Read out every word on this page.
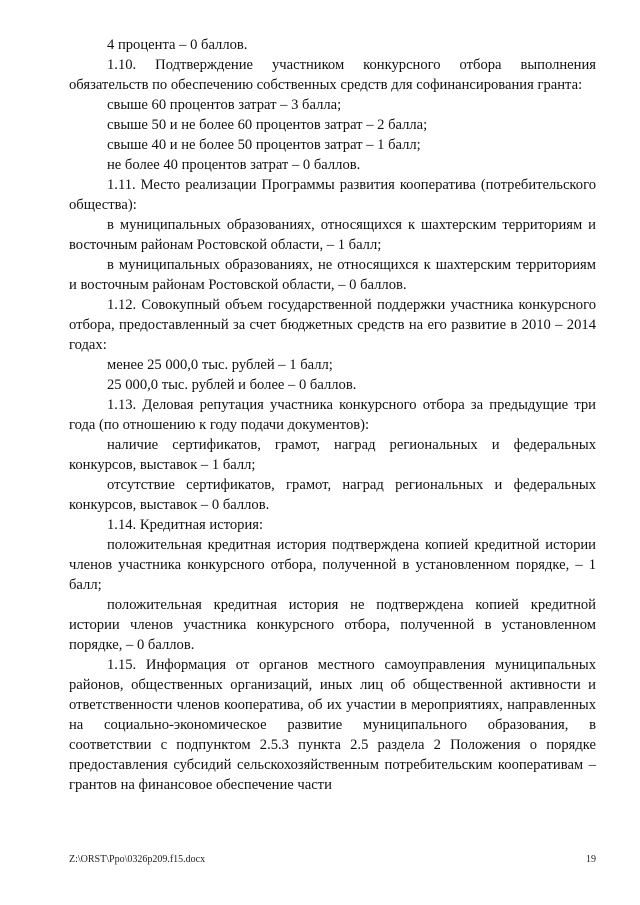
4 процента – 0 баллов.

1.10. Подтверждение участником конкурсного отбора выполнения обязательств по обеспечению собственных средств для софинансирования гранта:

свыше 60 процентов затрат – 3 балла;

свыше 50 и не более 60 процентов затрат – 2 балла;

свыше 40 и не более 50 процентов затрат – 1 балл;

не более 40 процентов затрат – 0 баллов.

1.11. Место реализации Программы развития кооператива (потребительского общества):

в муниципальных образованиях, относящихся к шахтерским территориям и восточным районам Ростовской области, – 1 балл;

в муниципальных образованиях, не относящихся к шахтерским территориям и восточным районам Ростовской области, – 0 баллов.

1.12. Совокупный объем государственной поддержки участника конкурсного отбора, предоставленный за счет бюджетных средств на его развитие в 2010 – 2014 годах:

менее 25 000,0 тыс. рублей – 1 балл;

25 000,0 тыс. рублей и более – 0 баллов.

1.13. Деловая репутация участника конкурсного отбора за предыдущие три года (по отношению к году подачи документов):

наличие сертификатов, грамот, наград региональных и федеральных конкурсов, выставок – 1 балл;

отсутствие сертификатов, грамот, наград региональных и федеральных конкурсов, выставок – 0 баллов.

1.14. Кредитная история:

положительная кредитная история подтверждена копией кредитной истории членов участника конкурсного отбора, полученной в установленном порядке, – 1 балл;

положительная кредитная история не подтверждена копией кредитной истории членов участника конкурсного отбора, полученной в установленном порядке, – 0 баллов.

1.15. Информация от органов местного самоуправления муниципальных районов, общественных организаций, иных лиц об общественной активности и ответственности членов кооператива, об их участии в мероприятиях, направленных на социально-экономическое развитие муниципального образования, в соответствии с подпунктом 2.5.3 пункта 2.5 раздела 2 Положения о порядке предоставления субсидий сельскохозяйственным потребительским кооперативам – грантов на финансовое обеспечение части

Z:\ORST\Ppo\0326p209.f15.docx	19
